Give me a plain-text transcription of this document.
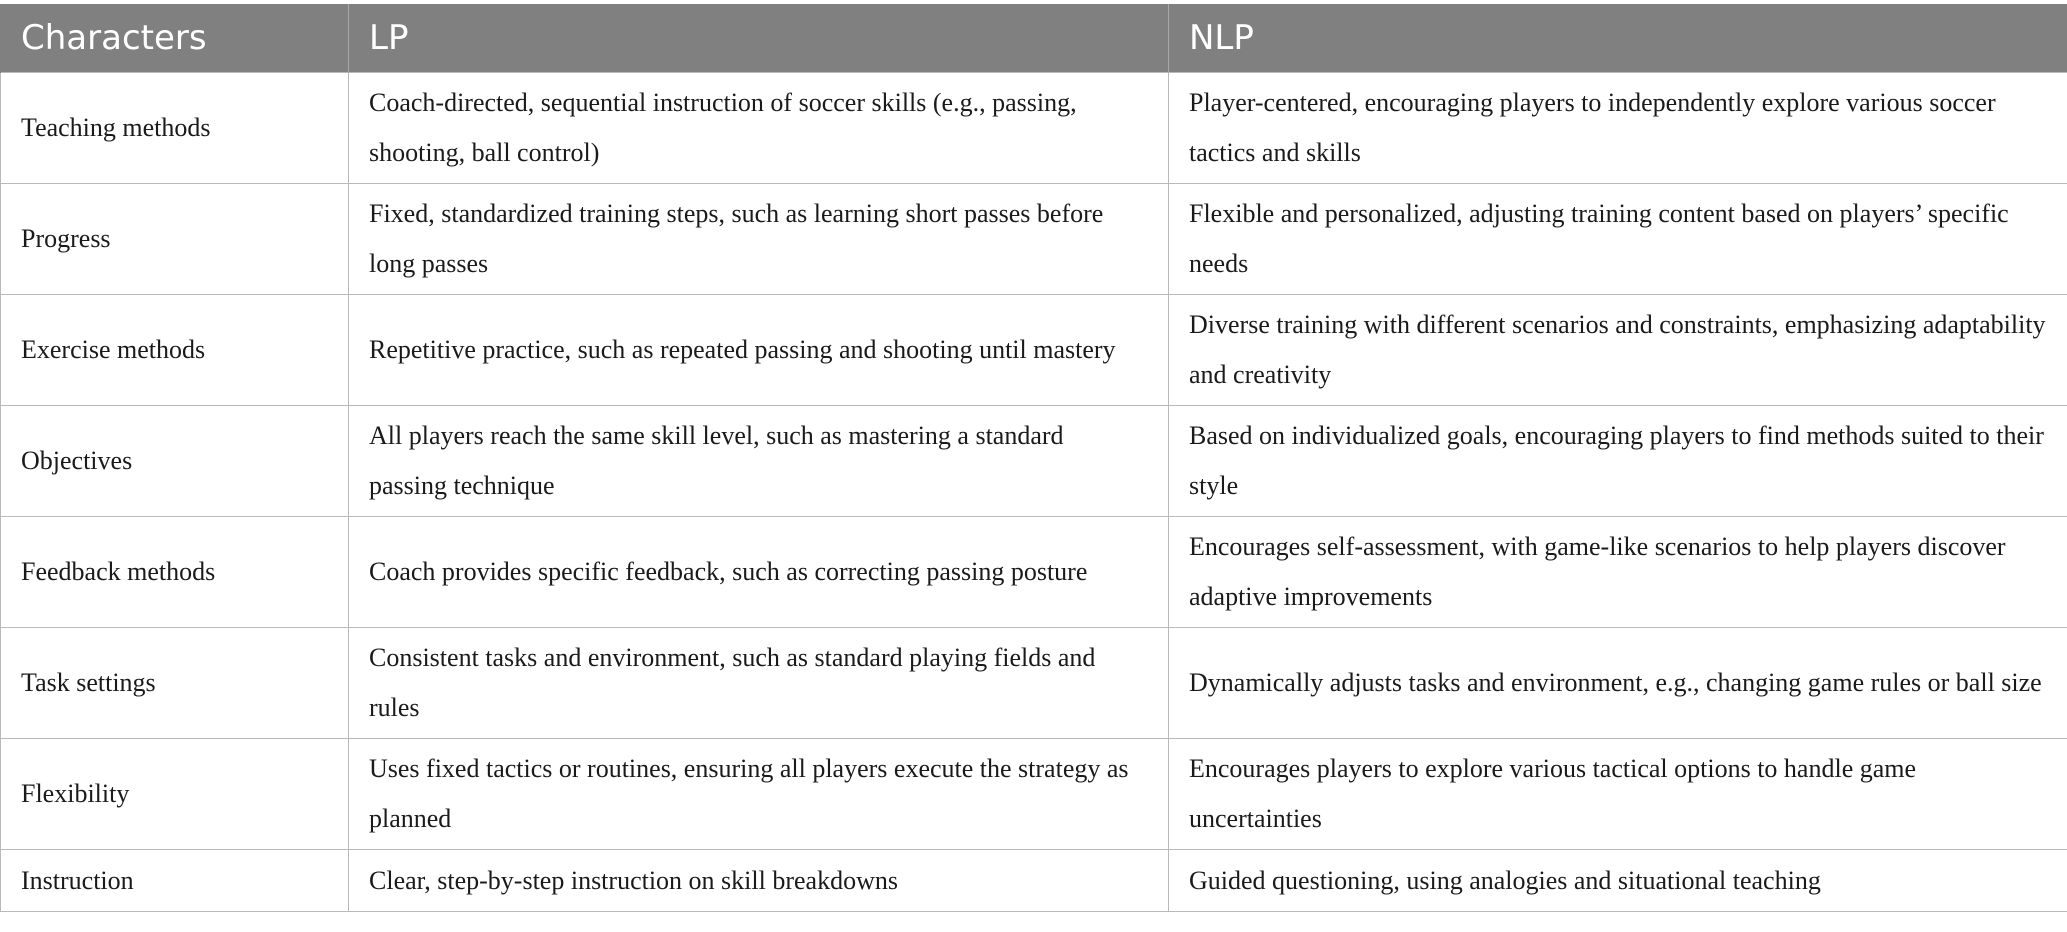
Characters	LP	NLP
Teaching methods	Coach-directed, sequential instruction of soccer skills (e.g., passing, shooting, ball control)	Player-centered, encouraging players to independently explore various soccer tactics and skills
Progress	Fixed, standardized training steps, such as learning short passes before long passes	Flexible and personalized, adjusting training content based on players’ specific needs
Exercise methods	Repetitive practice, such as repeated passing and shooting until mastery	Diverse training with different scenarios and constraints, emphasizing adaptability and creativity
Objectives	All players reach the same skill level, such as mastering a standard passing technique	Based on individualized goals, encouraging players to find methods suited to their style
Feedback methods	Coach provides specific feedback, such as correcting passing posture	Encourages self-assessment, with game-like scenarios to help players discover adaptive improvements
Task settings	Consistent tasks and environment, such as standard playing fields and rules	Dynamically adjusts tasks and environment, e.g., changing game rules or ball size
Flexibility	Uses fixed tactics or routines, ensuring all players execute the strategy as planned	Encourages players to explore various tactical options to handle game uncertainties
Instruction	Clear, step-by-step instruction on skill breakdowns	Guided questioning, using analogies and situational teaching
